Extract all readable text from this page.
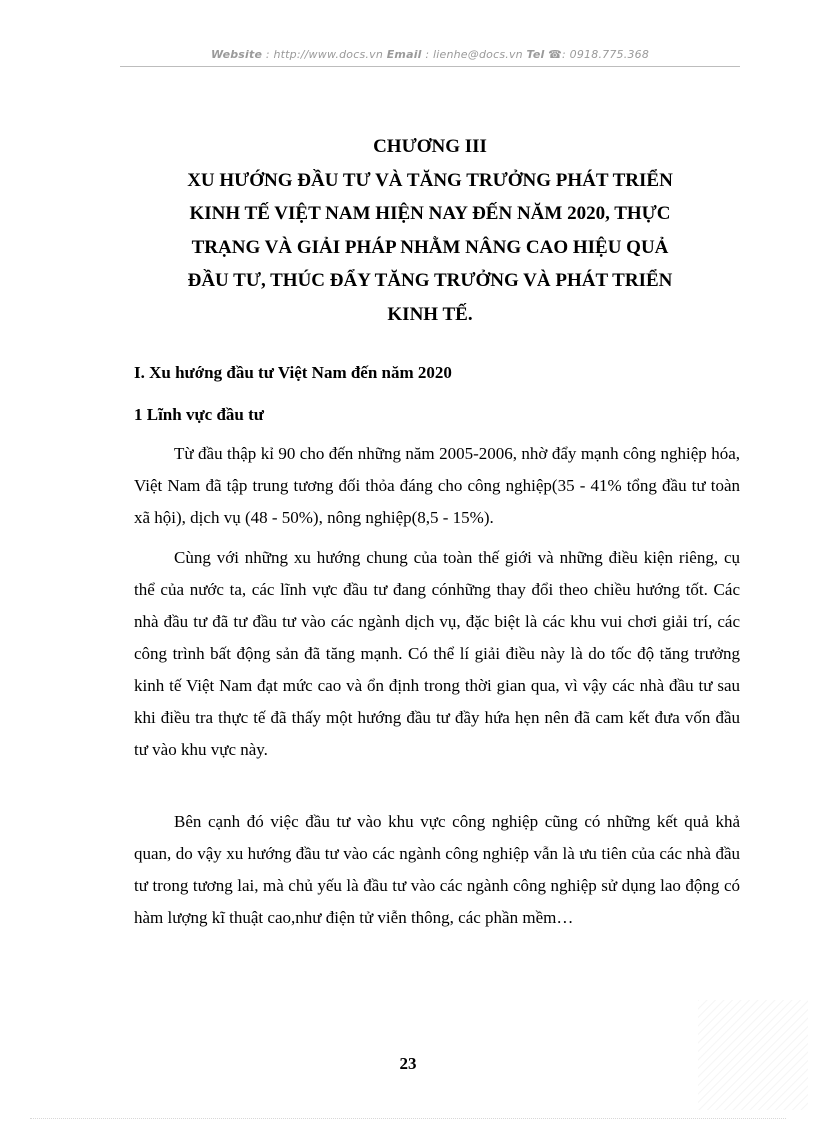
Website : http://www.docs.vn Email : lienhe@docs.vn Tel ☎: 0918.775.368
CHƯƠNG III
XU HƯỚNG ĐẦU TƯ VÀ TĂNG TRƯỞNG PHÁT TRIỂN
KINH TẾ VIỆT NAM HIỆN NAY ĐẾN NĂM 2020, THỰC
TRẠNG VÀ GIẢI PHÁP NHẰM NÂNG CAO HIỆU QUẢ
ĐẦU TƯ, THÚC ĐẨY TĂNG TRƯỞNG VÀ PHÁT TRIỂN
KINH TẾ.
I. Xu hướng đầu tư Việt Nam đến năm 2020
1 Lĩnh vực đầu tư

Từ đầu thập kỉ 90 cho đến những năm 2005-2006, nhờ đẩy mạnh công nghiệp hóa, Việt Nam đã tập trung tương đối thỏa đáng cho công nghiệp(35 - 41% tổng đầu tư toàn xã hội), dịch vụ (48 - 50%), nông nghiệp(8,5 - 15%).

Cùng với những xu hướng chung của toàn thế giới và những điều kiện riêng, cụ thể của nước ta, các lĩnh vực đầu tư đang cónhững thay đổi theo chiều hướng tốt. Các nhà đầu tư đã tư đầu tư vào các ngành dịch vụ, đặc biệt là các khu vui chơi giải trí, các công trình bất động sản đã tăng mạnh. Có thể lí giải điều này là do tốc độ tăng trưởng kinh tế Việt Nam đạt mức cao và ổn định trong thời gian qua, vì vậy các nhà đầu tư sau khi điều tra thực tế đã thấy một hướng đầu tư đầy hứa hẹn nên đã cam kết đưa vốn đầu tư vào khu vực này.

Bên cạnh đó việc đầu tư vào khu vực công nghiệp cũng có những kết quả khả quan, do vậy xu hướng đầu tư vào các ngành công nghiệp vẫn là ưu tiên của các nhà đầu tư trong tương lai, mà chủ yếu là đầu tư vào các ngành công nghiệp sử dụng lao động có hàm lượng kĩ thuật cao,như điện tử viễn thông, các phần mềm…

23
